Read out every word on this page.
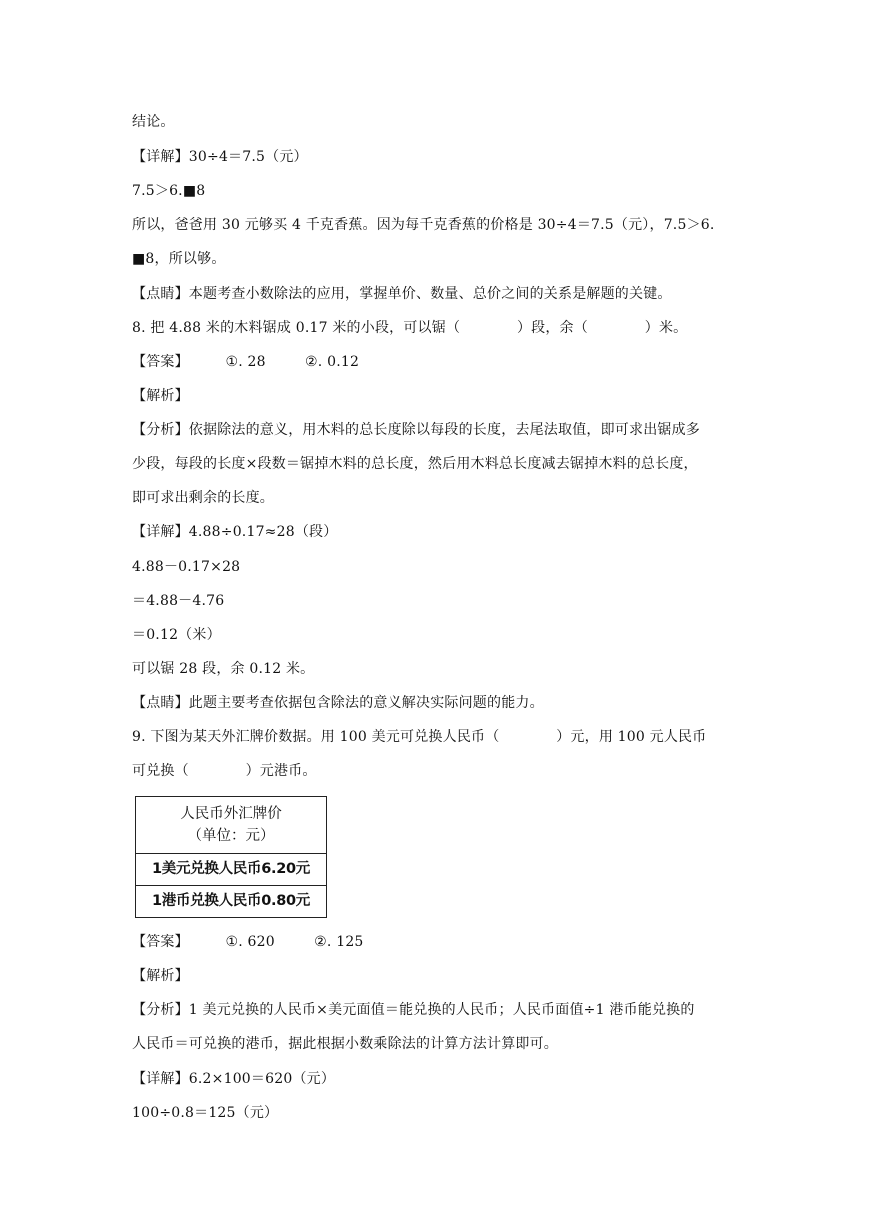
结论。
【详解】30÷4＝7.5（元）
7.5＞6.■8
所以，爸爸用 30 元够买 4 千克香蕉。因为每千克香蕉的价格是 30÷4＝7.5（元），7.5＞6.
■8，所以够。
【点睛】本题考查小数除法的应用，掌握单价、数量、总价之间的关系是解题的关键。
8. 把 4.88 米的木料锯成 0.17 米的小段，可以锯（　　　　）段，余（　　　　）米。
【答案】	①. 28	②. 0.12
【解析】
【分析】依据除法的意义，用木料的总长度除以每段的长度，去尾法取值，即可求出锯成多
少段，每段的长度×段数＝锯掉木料的总长度，然后用木料总长度减去锯掉木料的总长度，
即可求出剩余的长度。
【详解】4.88÷0.17≈28（段）
4.88－0.17×28
＝4.88－4.76
＝0.12（米）
可以锯 28 段，余 0.12 米。
【点睛】此题主要考查依据包含除法的意义解决实际问题的能力。
9. 下图为某天外汇牌价数据。用 100 美元可兑换人民币（　　　　）元，用 100 元人民币
可兑换（　　　　）元港币。
人民币外汇牌价
（单位：元）

1美元兑换人民币6.20元
1港币兑换人民币0.80元
【答案】	①. 620	②. 125
【解析】
【分析】1 美元兑换的人民币×美元面值＝能兑换的人民币；人民币面值÷1 港币能兑换的
人民币＝可兑换的港币，据此根据小数乘除法的计算方法计算即可。
【详解】6.2×100＝620（元）
100÷0.8＝125（元）
